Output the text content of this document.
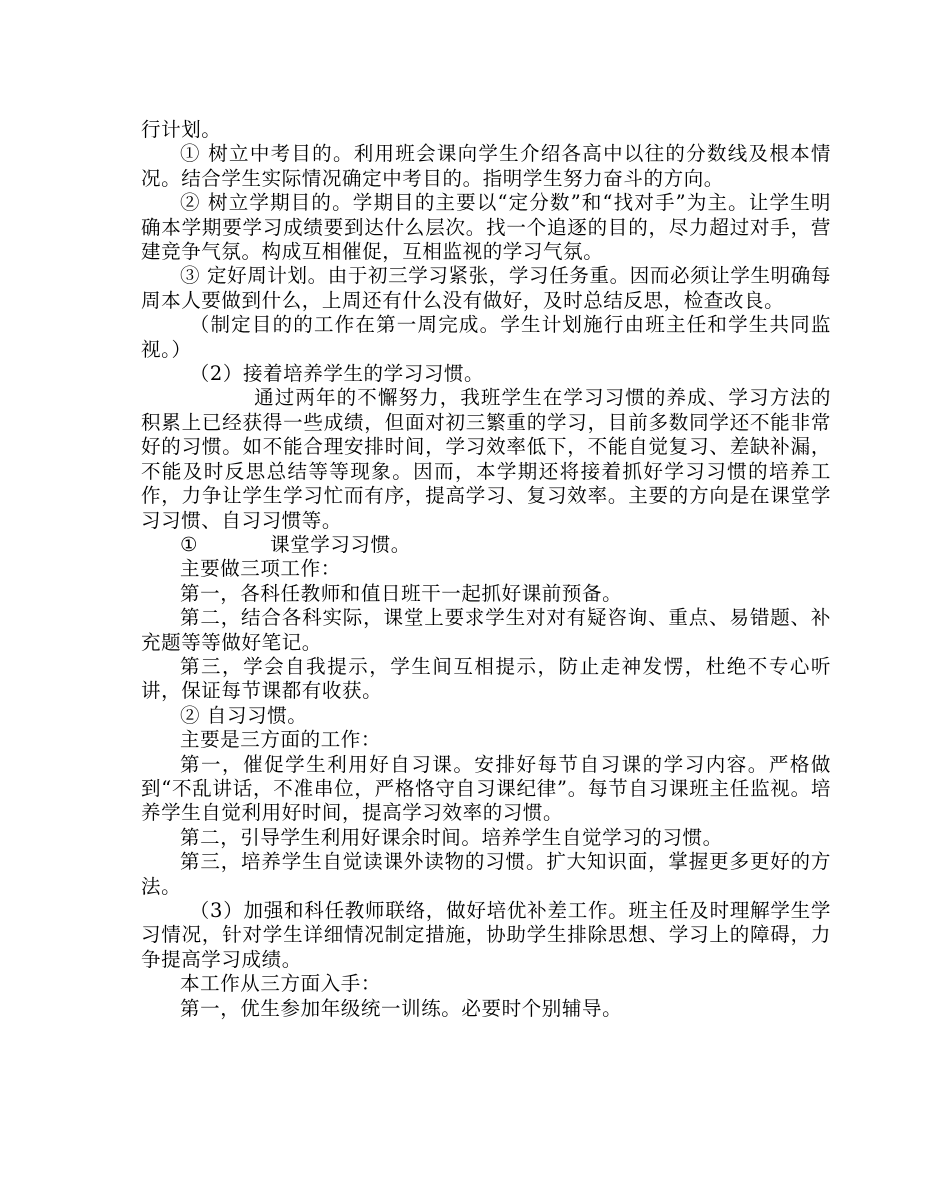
行计划。

① 树立中考目的。利用班会课向学生介绍各高中以往的分数线及根本情况。结合学生实际情况确定中考目的。指明学生努力奋斗的方向。

② 树立学期目的。学期目的主要以“定分数”和“找对手”为主。让学生明确本学期要学习成绩要到达什么层次。找一个追逐的目的，尽力超过对手，营建竞争气氛。构成互相催促，互相监视的学习气氛。

③ 定好周计划。由于初三学习紧张，学习任务重。因而必须让学生明确每周本人要做到什么，上周还有什么没有做好，及时总结反思，检查改良。

（制定目的的工作在第一周完成。学生计划施行由班主任和学生共同监视。）

（2）接着培养学生的学习习惯。

通过两年的不懈努力，我班学生在学习习惯的养成、学习方法的积累上已经获得一些成绩，但面对初三繁重的学习，目前多数同学还不能非常好的习惯。如不能合理安排时间，学习效率低下，不能自觉复习、差缺补漏，不能及时反思总结等等现象。因而，本学期还将接着抓好学习习惯的培养工作，力争让学生学习忙而有序，提高学习、复习效率。主要的方向是在课堂学习习惯、自习习惯等。

①	课堂学习习惯。

主要做三项工作：

第一，各科任教师和值日班干一起抓好课前预备。

第二，结合各科实际，课堂上要求学生对对有疑咨询、重点、易错题、补充题等等做好笔记。

第三，学会自我提示，学生间互相提示，防止走神发愣，杜绝不专心听讲，保证每节课都有收获。

② 自习习惯。

主要是三方面的工作：

第一，催促学生利用好自习课。安排好每节自习课的学习内容。严格做到“不乱讲话，不准串位，严格恪守自习课纪律”。每节自习课班主任监视。培养学生自觉利用好时间，提高学习效率的习惯。

第二，引导学生利用好课余时间。培养学生自觉学习的习惯。

第三，培养学生自觉读课外读物的习惯。扩大知识面，掌握更多更好的方法。

（3）加强和科任教师联络，做好培优补差工作。班主任及时理解学生学习情况，针对学生详细情况制定措施，协助学生排除思想、学习上的障碍，力争提高学习成绩。

本工作从三方面入手：

第一，优生参加年级统一训练。必要时个别辅导。
